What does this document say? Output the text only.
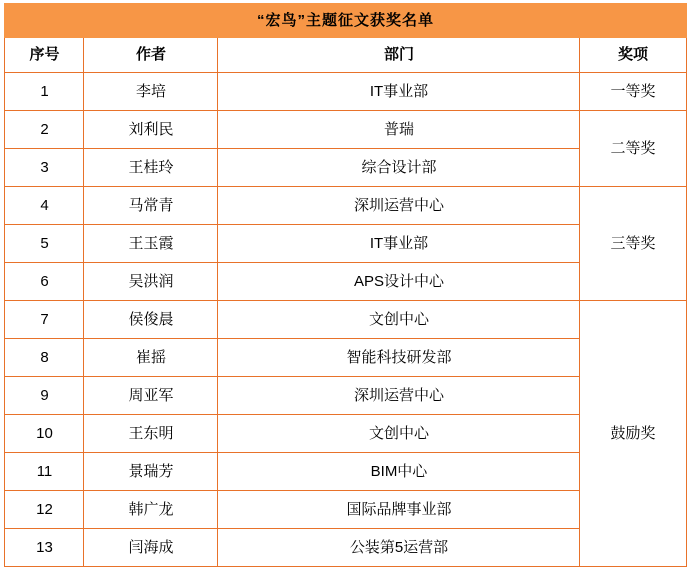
“宏鸟”主题征文获奖名单			
序号	作者	部门	奖项
1	李培	IT事业部	一等奖
2	刘利民	普瑞	二等奖
3	王桂玲	综合设计部	
4	马常青	深圳运营中心	三等奖
5	王玉霞	IT事业部	
6	吴洪润	APS设计中心	
7	侯俊晨	文创中心	鼓励奖
8	崔摇	智能科技研发部	
9	周亚军	深圳运营中心	
10	王东明	文创中心	
11	景瑞芳	BIM中心	
12	韩广龙	国际品牌事业部	
13	闫海成	公装第5运营部	
